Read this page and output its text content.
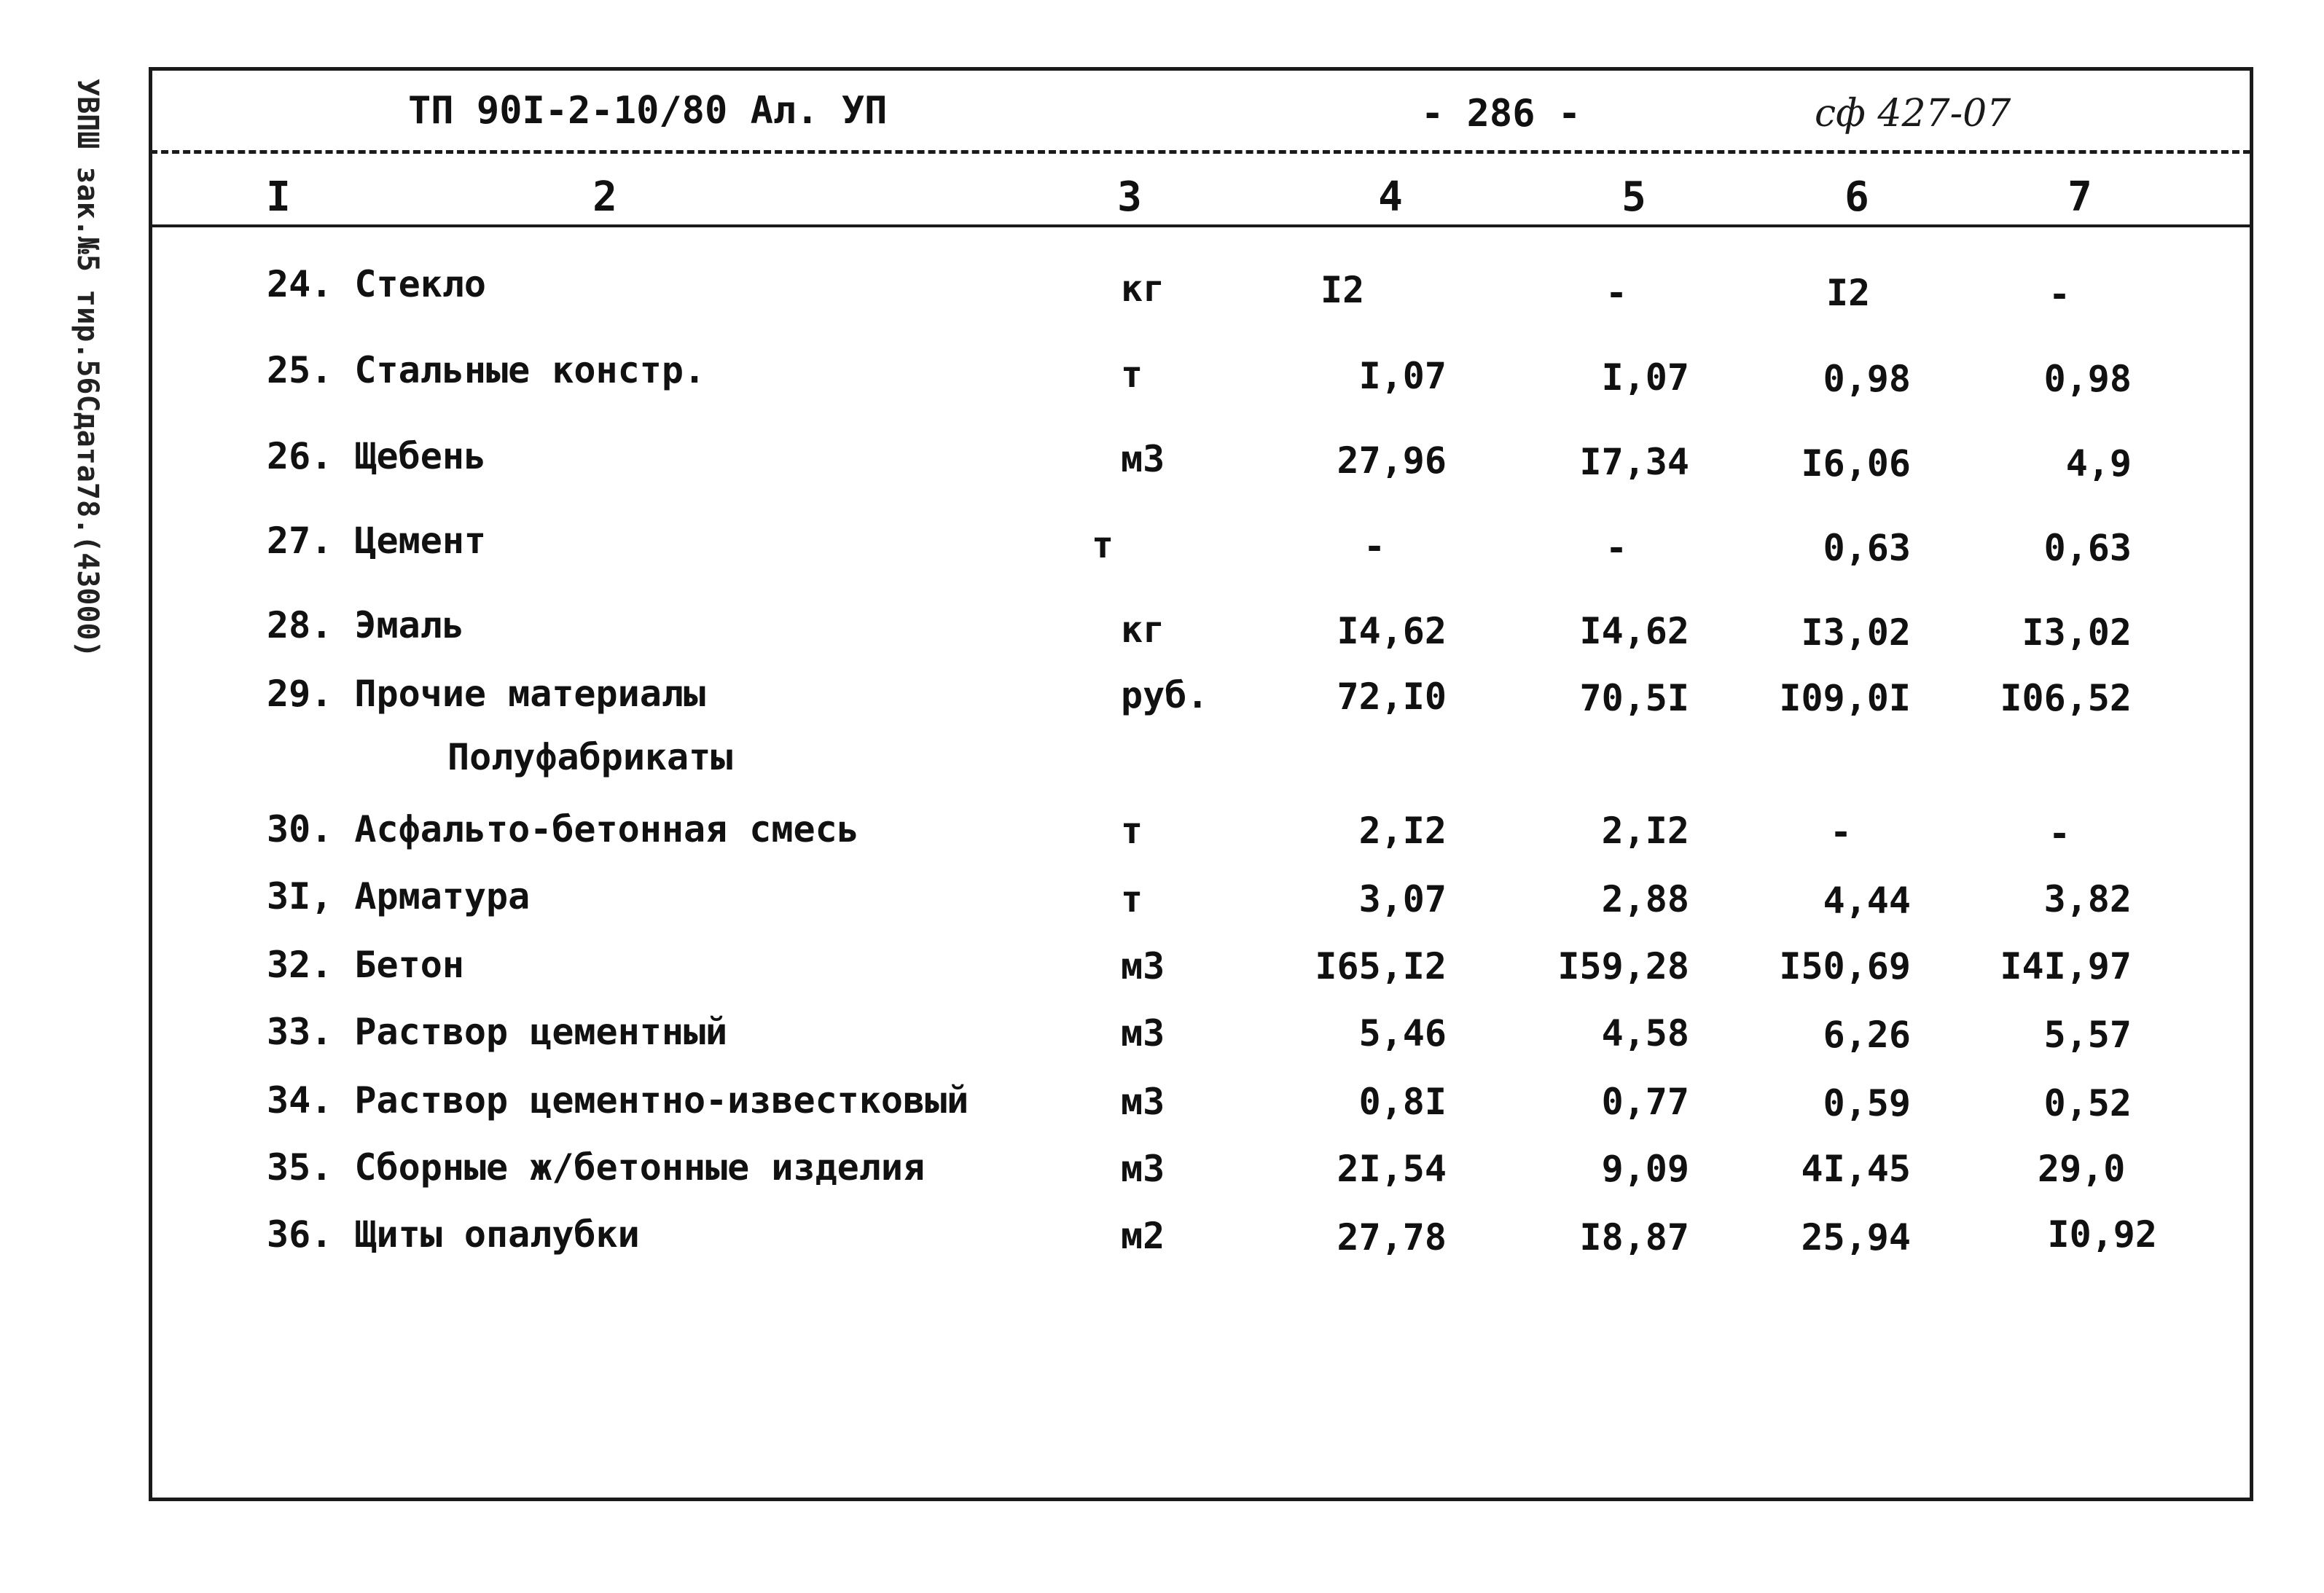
УВПШ зак.№5 тир.56Сдата78.(43000)	ТП 90I-2-10/80 Ал. УП	- 286 -	сф 427-07
I	2	3	4	5	6	7
24. Стекло	кг	I2	-	I2	-
25. Стальные констр.	т	I,07	I,07	0,98	0,98
26. Щебень	м3	27,96	I7,34	I6,06	4,9
27. Цемент	т	-	-	0,63	0,63
28. Эмаль	кг	I4,62	I4,62	I3,02	I3,02
29. Прочие материалы	руб.	72,I0	70,5I	I09,0I	I06,52
Полуфабрикаты
30. Асфальто-бетонная смесь	т	2,I2	2,I2	-	-
3I, Арматура	т	3,07	2,88	4,44	3,82
32. Бетон	м3	I65,I2	I59,28	I50,69	I4I,97
33. Раствор цементный	м3	5,46	4,58	6,26	5,57
34. Раствор цементно-известковый	м3	0,8I	0,77	0,59	0,52
35. Сборные ж/бетонные изделия	м3	2I,54	9,09	4I,45	29,0
36. Щиты опалубки	м2	27,78	I8,87	25,94	I0,92
